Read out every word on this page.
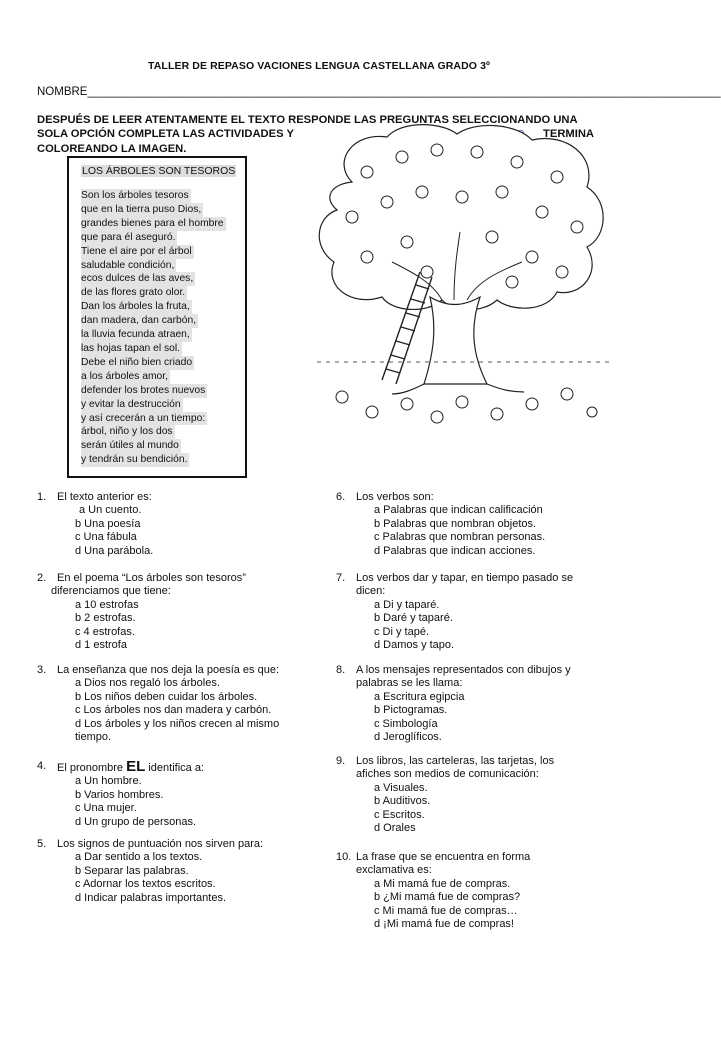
TALLER DE REPASO VACIONES LENGUA CASTELLANA GRADO 3º
NOMBRE___________________________________________________________________________________________________
DESPUÉS DE LEER ATENTAMENTE EL TEXTO RESPONDE LAS PREGUNTAS SELECCIONANDO UNA
SOLA OPCIÓN COMPLETA LAS ACTIVIDADES Y	TERMINA
COLOREANDO LA IMAGEN.
LOS ÁRBOLES SON TESOROS
Son los árboles tesoros
que en la tierra puso Dios,
grandes bienes para el hombre
que para él aseguró.
Tiene el aire por el árbol
saludable condición,
ecos dulces de las aves,
de las flores grato olor.
Dan los árboles la fruta,
dan madera, dan carbón,
la lluvia fecunda atraen,
las hojas tapan el sol.
Debe el niño bien criado
a los árboles amor,
defender los brotes nuevos
y evitar la destrucción
y así crecerán a un tiempo:
árbol, niño y los dos
serán útiles al mundo
y tendrán su bendición.
1. El texto anterior es:
a Un cuento.
b Una poesía
c Una fábula
d Una parábola.
2. En el poema “Los árboles son tesoros”
diferenciamos que tiene:
a 10 estrofas
b 2 estrofas.
c 4 estrofas.
d 1 estrofa
3. La enseñanza que nos deja la poesía es que:
a Dios nos regaló los árboles.
b Los niños deben cuidar los árboles.
c Los árboles nos dan madera y carbón.
d Los árboles y los niños crecen al mismo
tiempo.
4. El pronombre EL identifica a:
a Un hombre.
b Varios hombres.
c Una mujer.
d Un grupo de personas.
5. Los signos de puntuación nos sirven para:
a Dar sentido a los textos.
b Separar las palabras.
c Adornar los textos escritos.
d Indicar palabras importantes.
6. Los verbos son:
a Palabras que indican calificación
b Palabras que nombran objetos.
c Palabras que nombran personas.
d Palabras que indican acciones.
7. Los verbos dar y tapar, en tiempo pasado se
dicen:
a Di y taparé.
b Daré y taparé.
c Di y tapé.
d Damos y tapo.
8. A los mensajes representados con dibujos y
palabras se les llama:
a Escritura egipcia
b Pictogramas.
c Simbología
d Jeroglíficos.
9. Los libros, las carteleras, las tarjetas, los
afiches son medios de comunicación:
a Visuales.
b Auditivos.
c Escritos.
d Orales
10. La frase que se encuentra en forma
exclamativa es:
a Mi mamá fue de compras.
b ¿Mi mamá fue de compras?
c Mi mamá fue de compras…
d ¡Mi mamá fue de compras!
